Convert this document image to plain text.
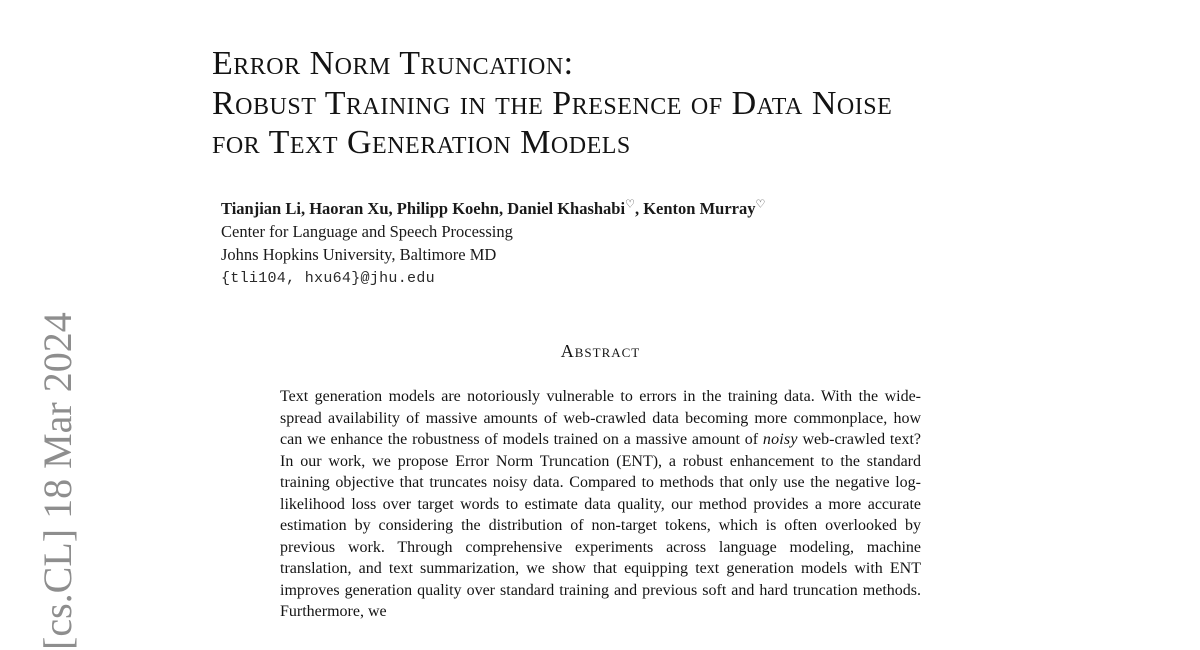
[cs.CL] 18 Mar 2024
Error Norm Truncation:
Robust Training in the Presence of Data Noise
for Text Generation Models
Tianjian Li, Haoran Xu, Philipp Koehn, Daniel Khashabi♡, Kenton Murray♡
Center for Language and Speech Processing
Johns Hopkins University, Baltimore MD
{tli104, hxu64}@jhu.edu
Abstract
Text generation models are notoriously vulnerable to errors in the training data. With the wide-spread availability of massive amounts of web-crawled data becoming more commonplace, how can we enhance the robustness of models trained on a massive amount of noisy web-crawled text? In our work, we propose Error Norm Truncation (ENT), a robust enhancement to the standard training objective that truncates noisy data. Compared to methods that only use the negative log-likelihood loss over target words to estimate data quality, our method provides a more accurate estimation by considering the distribution of non-target tokens, which is often overlooked by previous work. Through comprehensive experiments across language modeling, machine translation, and text summarization, we show that equipping text generation models with ENT improves generation quality over standard training and previous soft and hard truncation methods. Furthermore, we
